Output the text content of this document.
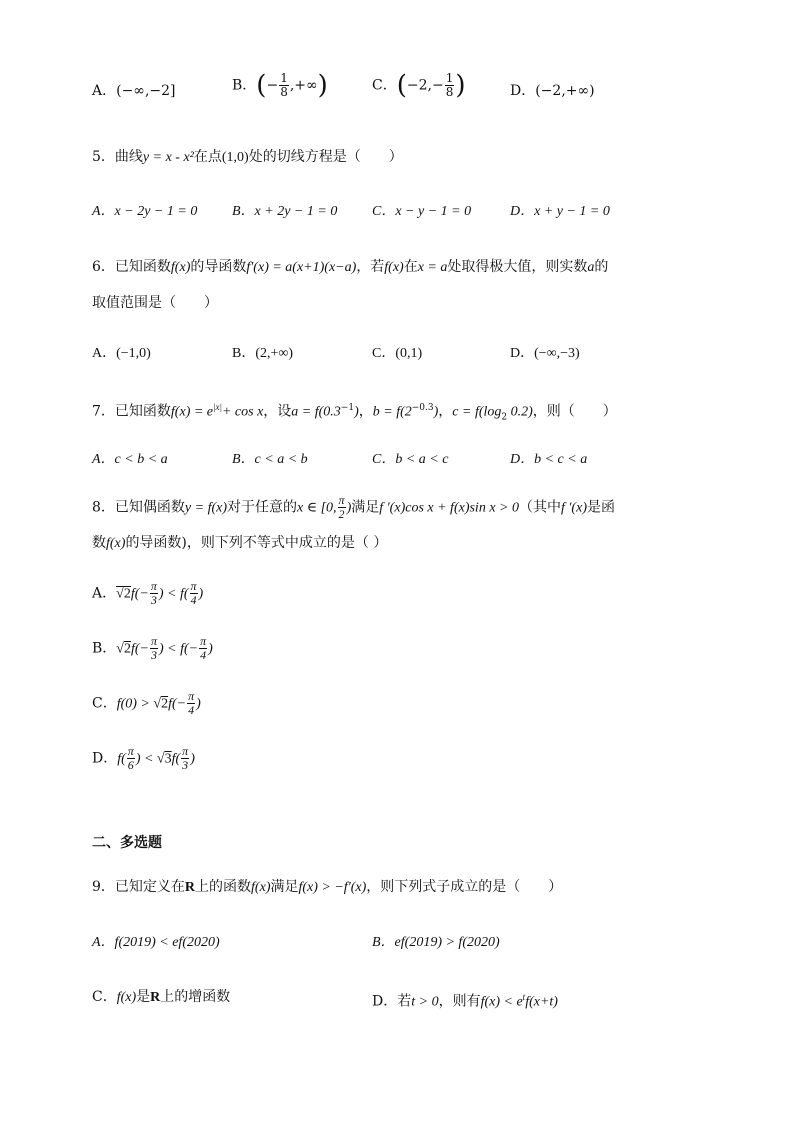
A．(−∞,−2]	B．(− $\frac{1}{8}$ ,+∞)	C．($-2,- \frac{1}{8}$ )	D．(−2,+∞)
5．曲线y = x - x²在点(1,0)处的切线方程是（　　）
A．x − 2y − 1 = 0 B．x + 2y − 1 = 0 C．x − y − 1 = 0	D．x + y − 1 = 0
6．已知函数f(x)的导函数f′(x) = a(x+1)(x−a)，若f(x)在x = a处取得极大值，则实数a的
取值范围是（　　）
A．(−1,0)	B．(2,+∞)	C．(0,1)	D．(−∞,−3)
7．已知函数$f(x) = e^{|x|}+ \cos x$，设$a = f(0.3^{-1})$，$b = f(2^{-0.3})$，$c = f(\log_2$ 0.2)，则（　　）
A．c < b < a	B．c < a < b	C．b < a < c	D．b < c < a
8．已知偶函数y = f(x)对于任意的x ∈ [0, $\frac{\pi}{2}$ )满足f ′(x)cos x + f(x)sin x > 0（其中f ′(x)是函
数f(x)的导函数)，则下列不等式中成立的是（ ）
A．$√2f(- \frac{\pi}{3}$ ) < $f( \frac{\pi}{4}$ )
B．$√2f(- \frac{\pi}{3}$ ) < $f(- \frac{\pi}{4}$ )
C．$f(0) > √2f(- \frac{\pi}{4}$ )
D．$f( \frac{\pi}{6}$ ) < $√3f( \frac{\pi}{3}$ )
二、多选题
9．已知定义在R上的函数f(x)满足f(x) > −f′(x)，则下列式子成立的是（　　）
A．f(2019) < ef(2020)	B．ef(2019) > f(2020)
C．f(x)是R上的增函数	D．若t > 0，则有$f(x) < e^tf(x+t)$
